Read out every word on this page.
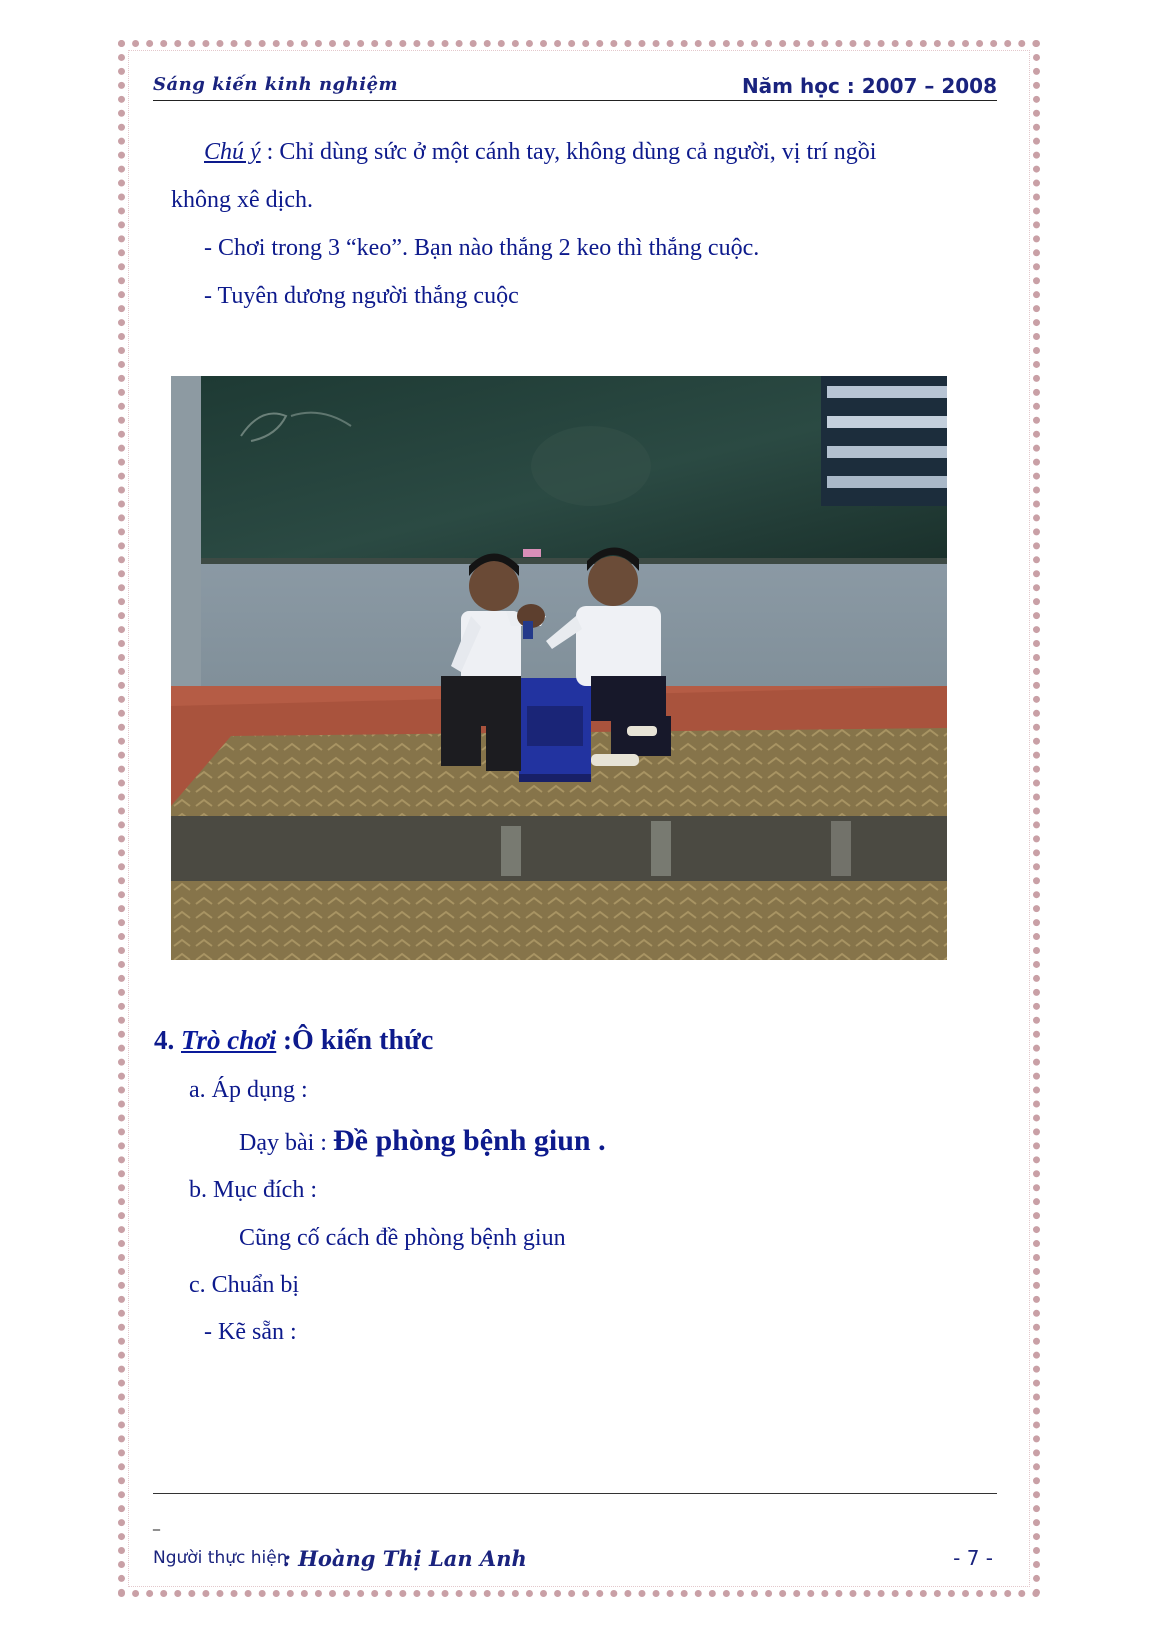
Sáng kiến kinh nghiệm	Năm học : 2007 – 2008
Chú ý : Chỉ dùng sức ở một cánh tay, không dùng cả người, vị trí ngồi
không xê dịch.
- Chơi trong 3 “keo”. Bạn nào thắng 2 keo thì thắng cuộc.
- Tuyên dương người thắng cuộc
4. Trò chơi :Ô kiến thức
a. Áp dụng :
Dạy bài : Đề phòng bệnh giun .
b. Mục đích :
Cũng cố cách đề phòng bệnh giun
c. Chuẩn bị
- Kẽ sẵn :
_
Người thực hiện
: Hoàng Thị Lan Anh	- 7 -
